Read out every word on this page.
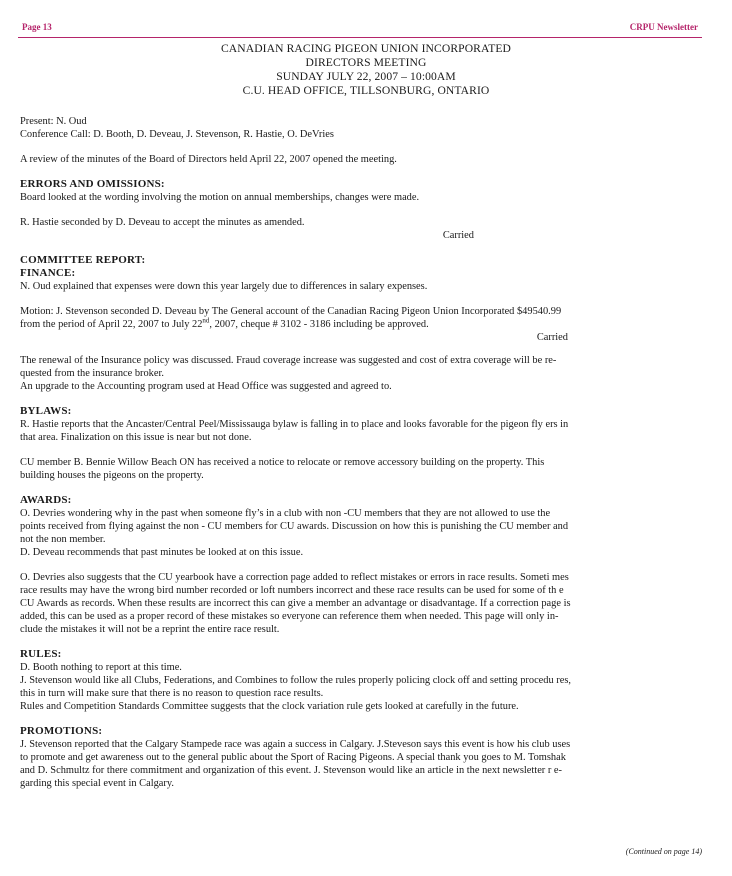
Page 13	CRPU Newsletter
CANADIAN RACING PIGEON UNION INCORPORATED
DIRECTORS MEETING
SUNDAY JULY 22, 2007 – 10:00AM
C.U. HEAD OFFICE, TILLSONBURG, ONTARIO

Present: N. Oud

Conference Call: D. Booth, D. Deveau, J. Stevenson, R. Hastie, O. DeVries

A review of the minutes of the Board of Directors held April 22, 2007 opened the meeting.

ERRORS AND OMISSIONS:

Board looked at the wording involving the motion on annual memberships, changes were made.

R. Hastie seconded by D. Deveau to accept the minutes as amended.

Carried

COMMITTEE REPORT:

FINANCE:

N. Oud explained that expenses were down this year largely due to differences in salary expenses.

Motion: J. Stevenson seconded D. Deveau by The General account of the Canadian Racing Pigeon Union Incorporated $49540.99

from the period of April 22, 2007 to July 22nd, 2007, cheque # 3102 - 3186 including be approved.

Carried

The renewal of the Insurance policy was discussed. Fraud coverage increase was suggested and cost of extra coverage will be re-

quested from the insurance broker.

An upgrade to the Accounting program used at Head Office was suggested and agreed to.

BYLAWS:

R. Hastie reports that the Ancaster/Central Peel/Mississauga bylaw is falling in to place and looks favorable for the pigeon fly ers in

that area. Finalization on this issue is near but not done.

CU member B. Bennie Willow Beach ON has received a notice to relocate or remove accessory building on the property. This

building houses the pigeons on the property.

AWARDS:

O. Devries wondering why in the past when someone fly’s in a club with non -CU members that they are not allowed to use the

points received from flying against the non - CU members for CU awards. Discussion on how this is punishing the CU member and

not the non member.

D. Deveau recommends that past minutes be looked at on this issue.

O. Devries also suggests that the CU yearbook have a correction page added to reflect mistakes or errors in race results. Someti mes

race results may have the wrong bird number recorded or loft numbers incorrect and these race results can be used for some of th e

CU Awards as records. When these results are incorrect this can give a member an advantage or disadvantage. If a correction page is

added, this can be used as a proper record of these mistakes so everyone can reference them when needed. This page will only in-

clude the mistakes it will not be a reprint the entire race result.

RULES:

D. Booth nothing to report at this time.

J. Stevenson would like all Clubs, Federations, and Combines to follow the rules properly policing clock off and setting procedu res,

this in turn will make sure that there is no reason to question race results.

Rules and Competition Standards Committee suggests that the clock variation rule gets looked at carefully in the future.

PROMOTIONS:

J. Stevenson reported that the Calgary Stampede race was again a success in Calgary. J.Steveson says this event is how his club uses

to promote and get awareness out to the general public about the Sport of Racing Pigeons. A special thank you goes to M. Tomshak

and D. Schmultz for there commitment and organization of this event. J. Stevenson would like an article in the next newsletter r e-

garding this special event in Calgary.

(Continued on page 14)
